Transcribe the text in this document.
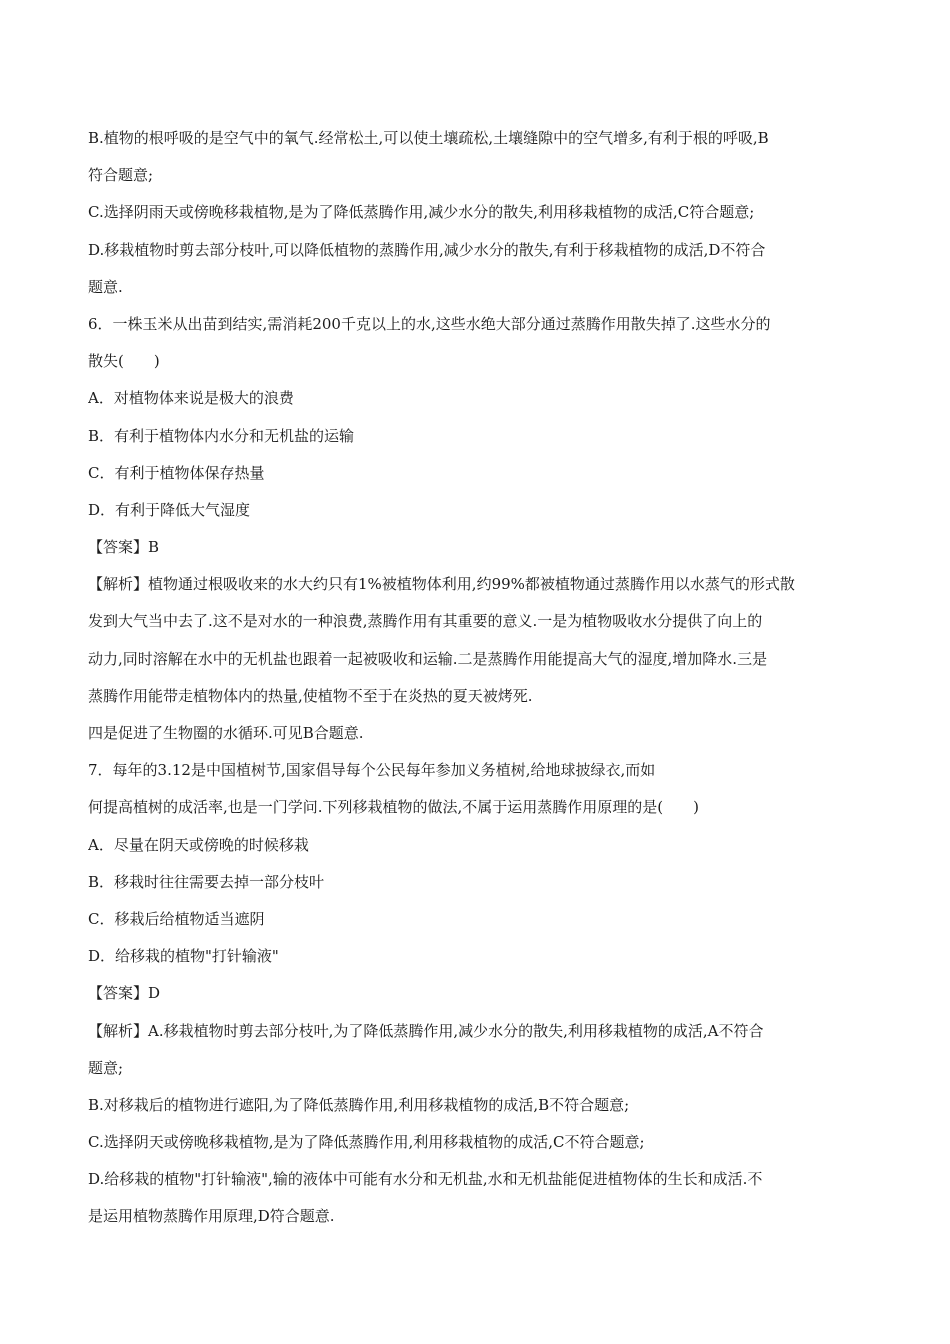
B.植物的根呼吸的是空气中的氧气.经常松土,可以使土壤疏松,土壤缝隙中的空气增多,有利于根的呼吸,B
符合题意;
C.选择阴雨天或傍晚移栽植物,是为了降低蒸腾作用,减少水分的散失,利用移栽植物的成活,C符合题意;
D.移栽植物时剪去部分枝叶,可以降低植物的蒸腾作用,减少水分的散失,有利于移栽植物的成活,D不符合
题意.
6．一株玉米从出苗到结实,需消耗200千克以上的水,这些水绝大部分通过蒸腾作用散失掉了.这些水分的
散失(　　)
A．对植物体来说是极大的浪费
B．有利于植物体内水分和无机盐的运输
C．有利于植物体保存热量
D．有利于降低大气湿度
【答案】B
【解析】植物通过根吸收来的水大约只有1%被植物体利用,约99%都被植物通过蒸腾作用以水蒸气的形式散
发到大气当中去了.这不是对水的一种浪费,蒸腾作用有其重要的意义.一是为植物吸收水分提供了向上的
动力,同时溶解在水中的无机盐也跟着一起被吸收和运输.二是蒸腾作用能提高大气的湿度,增加降水.三是
蒸腾作用能带走植物体内的热量,使植物不至于在炎热的夏天被烤死.
四是促进了生物圈的水循环.可见B合题意.
7．每年的3.12是中国植树节,国家倡导每个公民每年参加义务植树,给地球披绿衣,而如
何提高植树的成活率,也是一门学问.下列移栽植物的做法,不属于运用蒸腾作用原理的是(　　)
A．尽量在阴天或傍晚的时候移栽
B．移栽时往往需要去掉一部分枝叶
C．移栽后给植物适当遮阴
D．给移栽的植物"打针输液"
【答案】D
【解析】A.移栽植物时剪去部分枝叶,为了降低蒸腾作用,减少水分的散失,利用移栽植物的成活,A不符合
题意;
B.对移栽后的植物进行遮阳,为了降低蒸腾作用,利用移栽植物的成活,B不符合题意;
C.选择阴天或傍晚移栽植物,是为了降低蒸腾作用,利用移栽植物的成活,C不符合题意;
D.给移栽的植物"打针输液",输的液体中可能有水分和无机盐,水和无机盐能促进植物体的生长和成活.不
是运用植物蒸腾作用原理,D符合题意.
